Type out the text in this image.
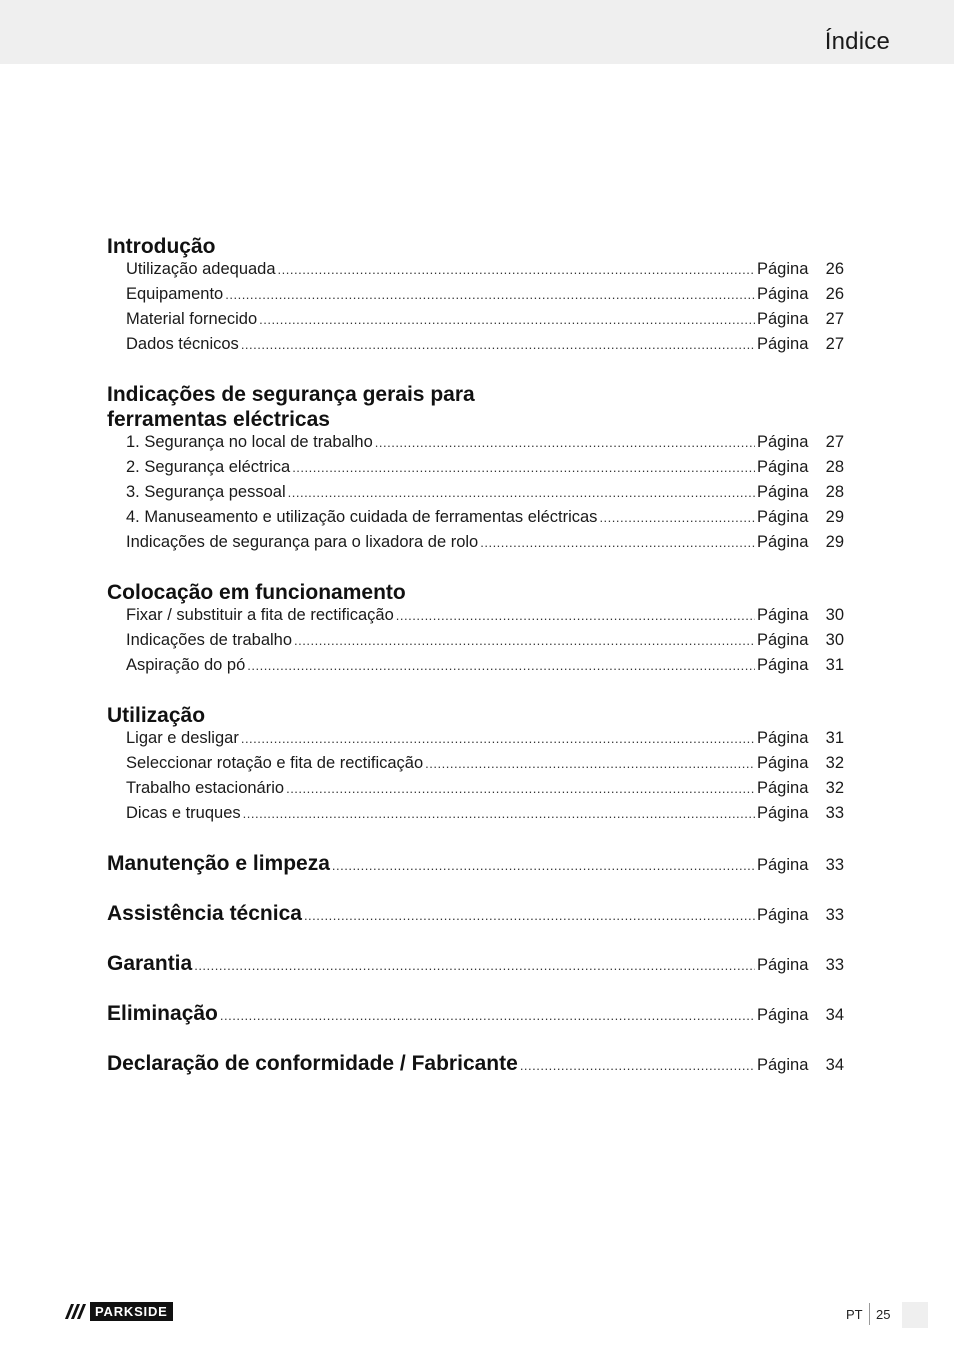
Índice
Introdução
Utilização adequada .....	Página	26
Equipamento .....	Página	26
Material fornecido .....	Página	27
Dados técnicos .....	Página	27
Indicações de segurança gerais para
ferramentas eléctricas
1. Segurança no local de trabalho .....	Página	27
2. Segurança eléctrica .....	Página	28
3. Segurança pessoal .....	Página	28
4. Manuseamento e utilização cuidada de ferramentas eléctricas .....	Página	29
Indicações de segurança para o lixadora de rolo .....	Página	29
Colocação em funcionamento
Fixar / substituir a fita de rectificação .....	Página	30
Indicações de trabalho .....	Página	30
Aspiração do pó .....	Página	31
Utilização
Ligar e desligar .....	Página	31
Seleccionar rotação e fita de rectificação .....	Página	32
Trabalho estacionário .....	Página	32
Dicas e truques .....	Página	33
Manutenção e limpeza .....	Página	33
Assistência técnica .....	Página	33
Garantia .....	Página	33
Eliminação .....	Página	34
Declaração de conformidade / Fabricante .....	Página	34
PARKSIDE	PT 25
